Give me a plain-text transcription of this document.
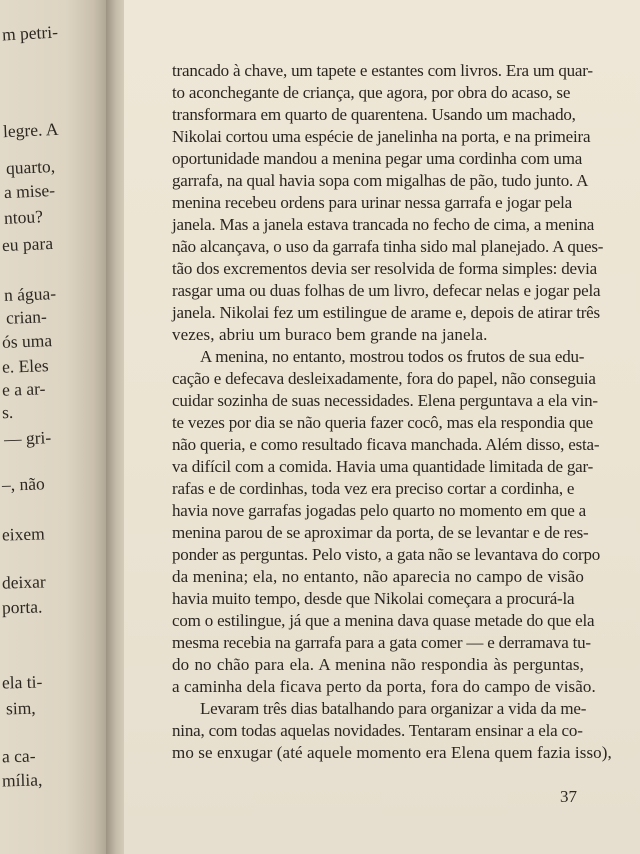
m petri-
legre. A
quarto,
a mise-
ntou?
eu para
n água-
crian-
ós uma
e. Eles
e a ar-
s.
— gri-
–, não
eixem
deixar
porta.
ela ti-
sim,
a ca-
mília,
trancado à chave, um tapete e estantes com livros. Era um quar-
to aconchegante de criança, que agora, por obra do acaso, se
transformara em quarto de quarentena. Usando um machado,
Nikolai cortou uma espécie de janelinha na porta, e na primeira
oportunidade mandou a menina pegar uma cordinha com uma
garrafa, na qual havia sopa com migalhas de pão, tudo junto. A
menina recebeu ordens para urinar nessa garrafa e jogar pela
janela. Mas a janela estava trancada no fecho de cima, a menina
não alcançava, o uso da garrafa tinha sido mal planejado. A ques-
tão dos excrementos devia ser resolvida de forma simples: devia
rasgar uma ou duas folhas de um livro, defecar nelas e jogar pela
janela. Nikolai fez um estilingue de arame e, depois de atirar três
vezes, abriu um buraco bem grande na janela.
A menina, no entanto, mostrou todos os frutos de sua edu-
cação e defecava desleixadamente, fora do papel, não conseguia
cuidar sozinha de suas necessidades. Elena perguntava a ela vin-
te vezes por dia se não queria fazer cocô, mas ela respondia que
não queria, e como resultado ficava manchada. Além disso, esta-
va difícil com a comida. Havia uma quantidade limitada de gar-
rafas e de cordinhas, toda vez era preciso cortar a cordinha, e
havia nove garrafas jogadas pelo quarto no momento em que a
menina parou de se aproximar da porta, de se levantar e de res-
ponder as perguntas. Pelo visto, a gata não se levantava do corpo
da menina; ela, no entanto, não aparecia no campo de visão
havia muito tempo, desde que Nikolai começara a procurá-la
com o estilingue, já que a menina dava quase metade do que ela
mesma recebia na garrafa para a gata comer — e derramava tu-
do no chão para ela. A menina não respondia às perguntas,
a caminha dela ficava perto da porta, fora do campo de visão.
Levaram três dias batalhando para organizar a vida da me-
nina, com todas aquelas novidades. Tentaram ensinar a ela co-
mo se enxugar (até aquele momento era Elena quem fazia isso),
37
